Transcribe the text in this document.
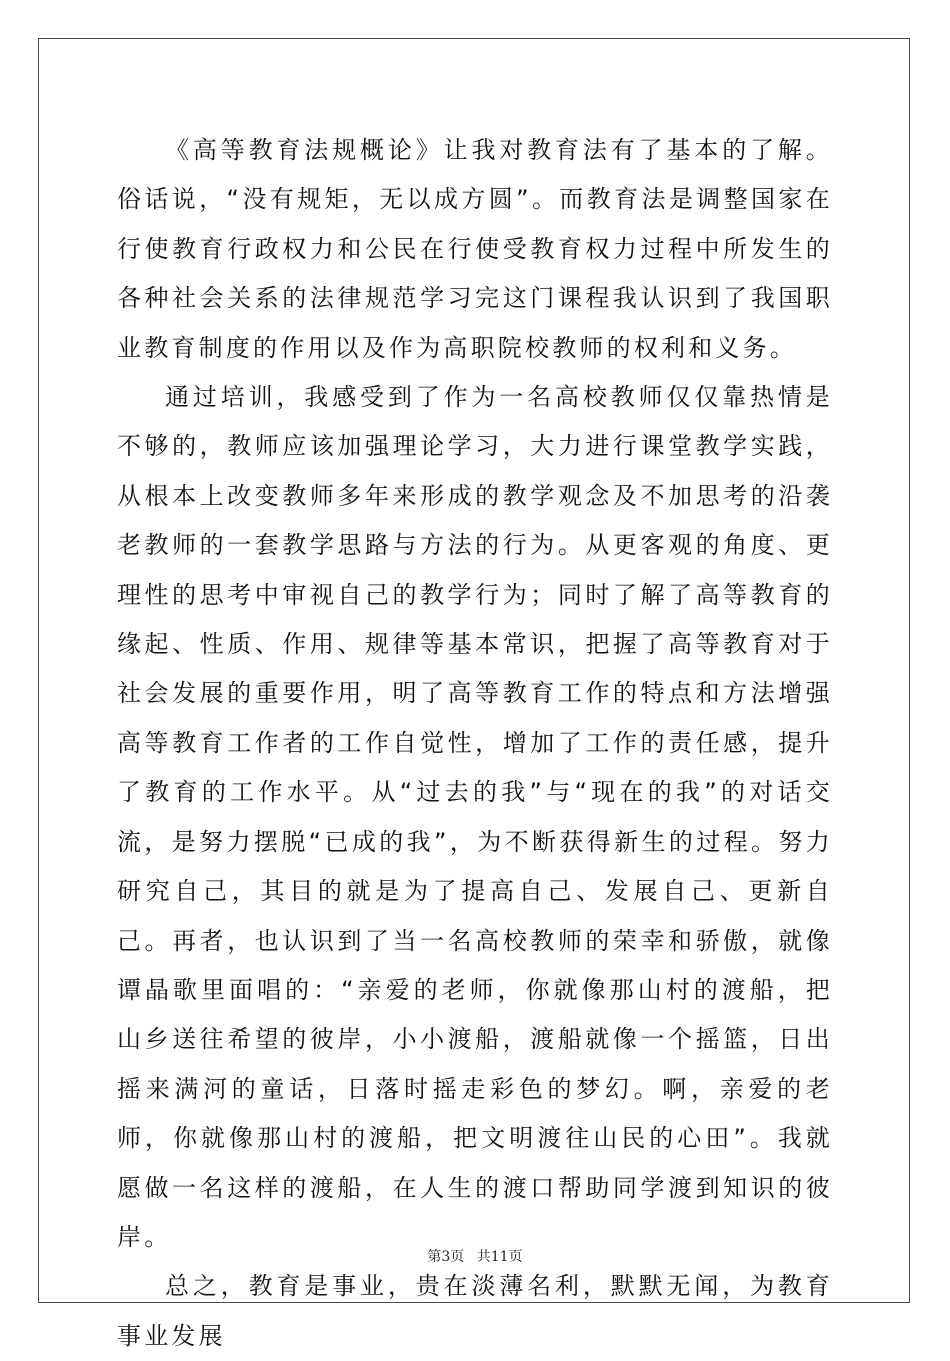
《高等教育法规概论》让我对教育法有了基本的了解。俗话说，“没有规矩，无以成方圆”。而教育法是调整国家在行使教育行政权力和公民在行使受教育权力过程中所发生的各种社会关系的法律规范学习完这门课程我认识到了我国职业教育制度的作用以及作为高职院校教师的权利和义务。

通过培训，我感受到了作为一名高校教师仅仅靠热情是不够的，教师应该加强理论学习，大力进行课堂教学实践，从根本上改变教师多年来形成的教学观念及不加思考的沿袭老教师的一套教学思路与方法的行为。从更客观的角度、更理性的思考中审视自己的教学行为；同时了解了高等教育的缘起、性质、作用、规律等基本常识，把握了高等教育对于社会发展的重要作用，明了高等教育工作的特点和方法增强高等教育工作者的工作自觉性，增加了工作的责任感，提升了教育的工作水平。从“过去的我”与“现在的我”的对话交流，是努力摆脱“已成的我”，为不断获得新生的过程。努力研究自己，其目的就是为了提高自己、发展自己、更新自己。再者，也认识到了当一名高校教师的荣幸和骄傲，就像谭晶歌里面唱的：“亲爱的老师，你就像那山村的渡船，把山乡送往希望的彼岸，小小渡船，渡船就像一个摇篮，日出摇来满河的童话，日落时摇走彩色的梦幻。啊，亲爱的老师，你就像那山村的渡船，把文明渡往山民的心田”。我就愿做一名这样的渡船，在人生的渡口帮助同学渡到知识的彼岸。

总之，教育是事业，贵在淡薄名利，默默无闻，为教育事业发展

第3页 共11页
